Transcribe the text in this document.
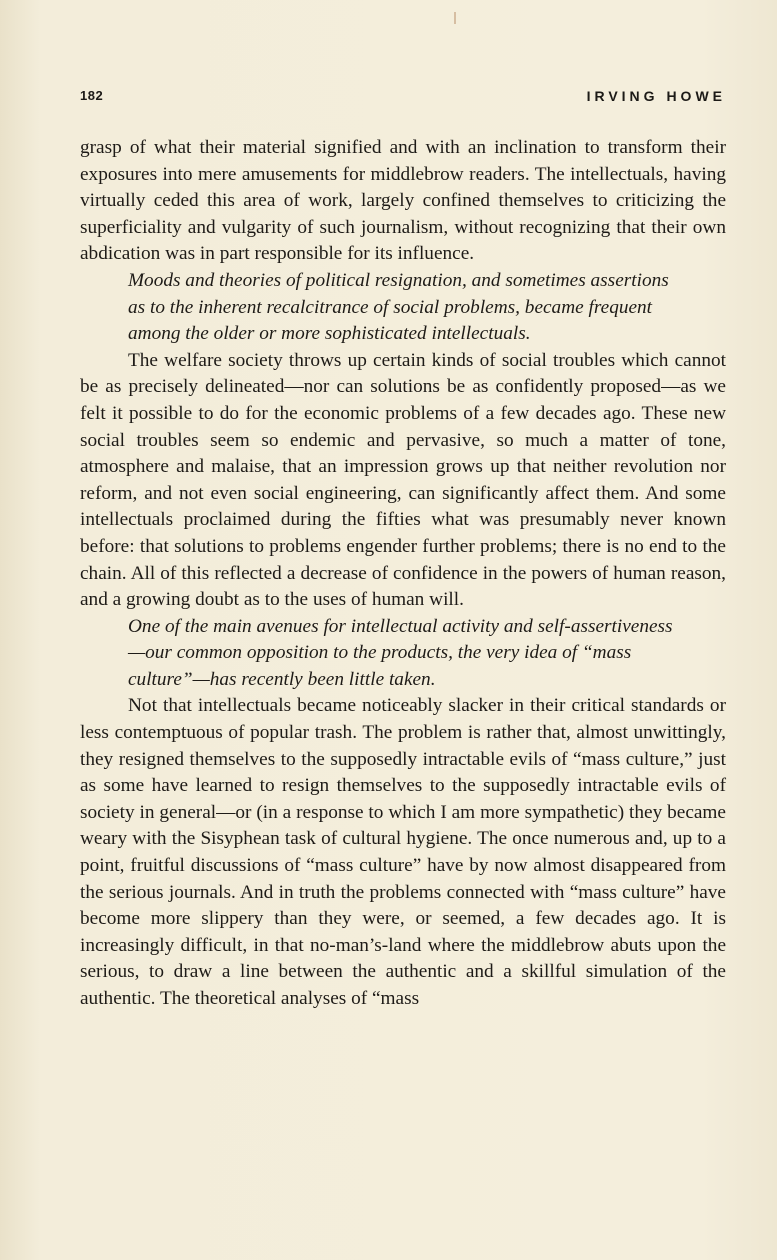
182	IRVING HOWE

grasp of what their material signified and with an inclination to transform their exposures into mere amusements for middlebrow readers. The intellectuals, having virtually ceded this area of work, largely confined themselves to criticizing the superficiality and vulgarity of such journalism, without recognizing that their own abdication was in part responsible for its influence.

Moods and theories of political resignation, and sometimes assertions as to the inherent recalcitrance of social problems, became frequent among the older or more sophisticated intellectuals.

The welfare society throws up certain kinds of social troubles which cannot be as precisely delineated—nor can solutions be as confidently proposed—as we felt it possible to do for the economic problems of a few decades ago. These new social troubles seem so endemic and pervasive, so much a matter of tone, atmosphere and malaise, that an impression grows up that neither revolution nor reform, and not even social engineering, can significantly affect them. And some intellectuals proclaimed during the fifties what was presumably never known before: that solutions to problems engender further problems; there is no end to the chain. All of this reflected a decrease of confidence in the powers of human reason, and a growing doubt as to the uses of human will.

One of the main avenues for intellectual activity and self-assertiveness—our common opposition to the products, the very idea of “mass culture”—has recently been little taken.

Not that intellectuals became noticeably slacker in their critical standards or less contemptuous of popular trash. The problem is rather that, almost unwittingly, they resigned themselves to the supposedly intractable evils of “mass culture,” just as some have learned to resign themselves to the supposedly intractable evils of society in general—or (in a response to which I am more sympathetic) they became weary with the Sisyphean task of cultural hygiene. The once numerous and, up to a point, fruitful discussions of “mass culture” have by now almost disappeared from the serious journals. And in truth the problems connected with “mass culture” have become more slippery than they were, or seemed, a few decades ago. It is increasingly difficult, in that no-man’s-land where the middlebrow abuts upon the serious, to draw a line between the authentic and a skillful simulation of the authentic. The theoretical analyses of “mass
